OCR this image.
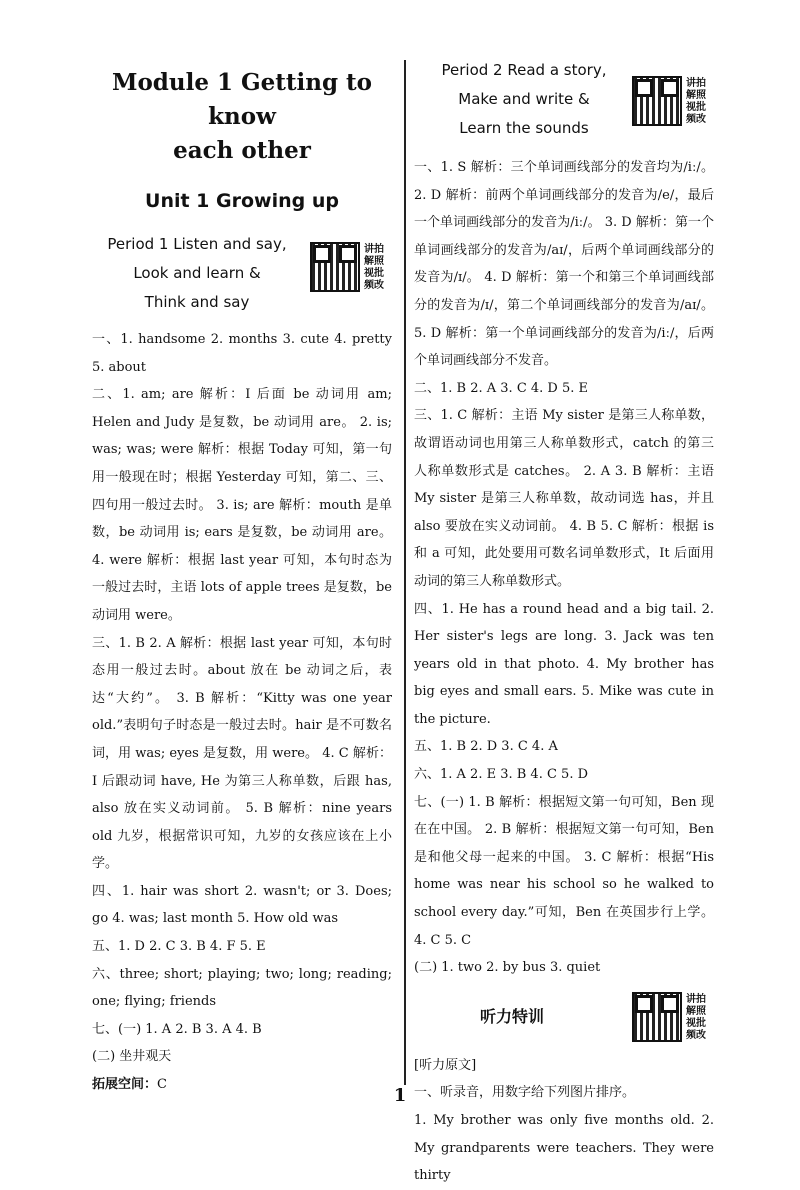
Module 1 Getting to know
each other
Unit 1 Growing up
Period 1 Listen and say,
Look and learn &
Think and say
讲拍解照视批频改

一、1. handsome 2. months 3. cute 4. pretty 5. about

二、1. am; are 解析：I 后面 be 动词用 am; Helen and Judy 是复数，be 动词用 are。 2. is; was; was; were 解析：根据 Today 可知，第一句用一般现在时；根据 Yesterday 可知，第二、三、四句用一般过去时。 3. is; are 解析：mouth 是单数，be 动词用 is; ears 是复数，be 动词用 are。 4. were 解析：根据 last year 可知，本句时态为一般过去时，主语 lots of apple trees 是复数，be 动词用 were。

三、1. B 2. A 解析：根据 last year 可知，本句时态用一般过去时。about 放在 be 动词之后，表达“大约”。 3. B 解析：“Kitty was one year old.”表明句子时态是一般过去时。hair 是不可数名词，用 was; eyes 是复数，用 were。 4. C 解析：I 后跟动词 have, He 为第三人称单数，后跟 has, also 放在实义动词前。 5. B 解析：nine years old 九岁，根据常识可知，九岁的女孩应该在上小学。

四、1. hair was short 2. wasn't; or 3. Does; go 4. was; last month 5. How old was

五、1. D 2. C 3. B 4. F 5. E

六、three; short; playing; two; long; reading; one; flying; friends

七、(一) 1. A 2. B 3. A 4. B

(二) 坐井观天

拓展空间：C

Period 2 Read a story,
Make and write &
Learn the sounds
讲拍解照视批频改

一、1. S 解析：三个单词画线部分的发音均为/iː/。 2. D 解析：前两个单词画线部分的发音为/e/，最后一个单词画线部分的发音为/iː/。 3. D 解析：第一个单词画线部分的发音为/aɪ/，后两个单词画线部分的发音为/ɪ/。 4. D 解析：第一个和第三个单词画线部分的发音为/ɪ/，第二个单词画线部分的发音为/aɪ/。 5. D 解析：第一个单词画线部分的发音为/iː/，后两个单词画线部分不发音。

二、1. B 2. A 3. C 4. D 5. E

三、1. C 解析：主语 My sister 是第三人称单数，故谓语动词也用第三人称单数形式，catch 的第三人称单数形式是 catches。 2. A 3. B 解析：主语 My sister 是第三人称单数，故动词选 has，并且 also 要放在实义动词前。 4. B 5. C 解析：根据 is 和 a 可知，此处要用可数名词单数形式，It 后面用动词的第三人称单数形式。

四、1. He has a round head and a big tail. 2. Her sister's legs are long. 3. Jack was ten years old in that photo. 4. My brother has big eyes and small ears. 5. Mike was cute in the picture.

五、1. B 2. D 3. C 4. A

六、1. A 2. E 3. B 4. C 5. D

七、(一) 1. B 解析：根据短文第一句可知，Ben 现在在中国。 2. B 解析：根据短文第一句可知，Ben 是和他父母一起来的中国。 3. C 解析：根据“His home was near his school so he walked to school every day.”可知，Ben 在英国步行上学。 4. C 5. C

(二) 1. two 2. by bus 3. quiet

听力特训
讲拍解照视批频改

[听力原文]

一、听录音，用数字给下列图片排序。

1. My brother was only five months old. 2. My grandparents were teachers. They were thirty

1
